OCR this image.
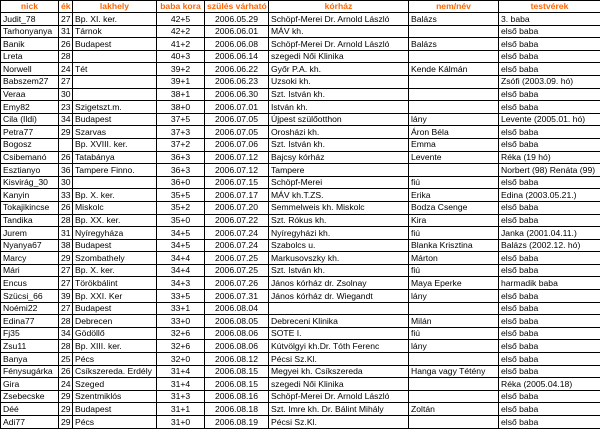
nick	ék	lakhely	baba kora	szülés várható	kórház	nem/név	testvérek
Judit_78	27	Bp. XI. ker.	42+5	2006.05.29	Schöpf-Merei Dr. Arnold László	Balázs	3. baba
Tarhonyanya	31	Tárnok	42+2	2006.06.01	MÁV kh.		első baba
Banik	26	Budapest	41+2	2006.06.08	Schöpf-Merei Dr. Arnold László	Balázs	első baba
Lreta	28		40+3	2006.06.14	szegedi Női Klinika		első baba
Norwell	24	Tét	39+2	2006.06.22	Győr P.A. kh.	Kende Kálmán	első baba
Babszem27	27		39+1	2006.06.23	Uzsoki kh.		Zsófi (2003.09. hó)
Veraa	30		38+1	2006.06.30	Szt. István kh.		első baba
Emy82	23	Szigetszt.m.	38+0	2006.07.01	István kh.		első baba
Cila (Ildi)	34	Budapest	37+5	2006.07.05	Újpest szülőotthon	lány	Levente (2005.01. hó)
Petra77	29	Szarvas	37+3	2006.07.05	Orosházi kh.	Áron Béla	első baba
Bogosz		Bp. XVIII. ker.	37+2	2006.07.06	Szt. István kh.	Emma	első baba
Csibemanó	26	Tatabánya	36+3	2006.07.12	Bajcsy kórház	Levente	Réka (19 hó)
Esztianyo	36	Tampere Finno.	36+3	2006.07.12	Tampere		Norbert (98) Renáta (99)
Kisvirág_30	30		36+0	2006.07.15	Schöpf-Merei	fiú	első baba
Kanyin	33	Bp. X. ker.	35+5	2006.07.17	MÁV kh.T.ZS.	Erika	Edina (2003.05.21.)
Tokajikincse	26	Miskolc	35+2	2006.07.20	Semmelweis kh. Miskolc	Bodza Csenge	első baba
Tandika	28	Bp. XX. ker.	35+0	2006.07.22	Szt. Rókus kh.	Kira	első baba
Jurem	31	Nyíregyháza	34+5	2006.07.24	Nyíregyházi kh.	fiú	Janka (2001.04.11.)
Nyanya67	38	Budapest	34+5	2006.07.24	Szabolcs u.	Blanka Krisztina	Balázs (2002.12. hó)
Marcy	29	Szombathely	34+4	2006.07.25	Markusovszky kh.	Márton	első baba
Mári	27	Bp. X. ker.	34+4	2006.07.25	Szt. István kh.	fiú	első baba
Encus	27	Törökbálint	34+3	2006.07.26	János kórház dr. Zsolnay	Maya Eperke	harmadik baba
Szücsi_66	39	Bp. XXI. Ker	33+5	2006.07.31	János kórház dr. Wiegandt	lány	első baba
Noémi22	27	Budapest	33+1	2006.08.04			első baba
Edina77	28	Debrecen	33+0	2006.08.05	Debreceni Klinika	Milán	első baba
Fj35	34	Gödöllő	32+6	2006.08.06	SOTE I.	fiú	első baba
Zsu11	28	Bp. XIII. ker.	32+6	2006.08.06	Kútvölgyi kh.Dr. Tóth Ferenc	lány	első baba
Banya	25	Pécs	32+0	2006.08.12	Pécsi Sz.Kl.		első baba
Fénysugárka	26	Csíkszereda. Erdély	31+4	2006.08.15	Megyei kh. Csíkszereda	Hanga vagy Tétény	első baba
Gira	24	Szeged	31+4	2006.08.15	szegedi Női Klinika		Réka (2005.04.18)
Zsebecske	29	Szentmiklós	31+3	2006.08.16	Schöpf-Merei Dr. Arnold László		első baba
Déé	29	Budapest	31+1	2006.08.18	Szt. Imre kh. Dr. Bálint Mihály	Zoltán	első baba
Adi77	29	Pécs	31+0	2006.08.19	Pécsi Sz.Kl.		első baba
